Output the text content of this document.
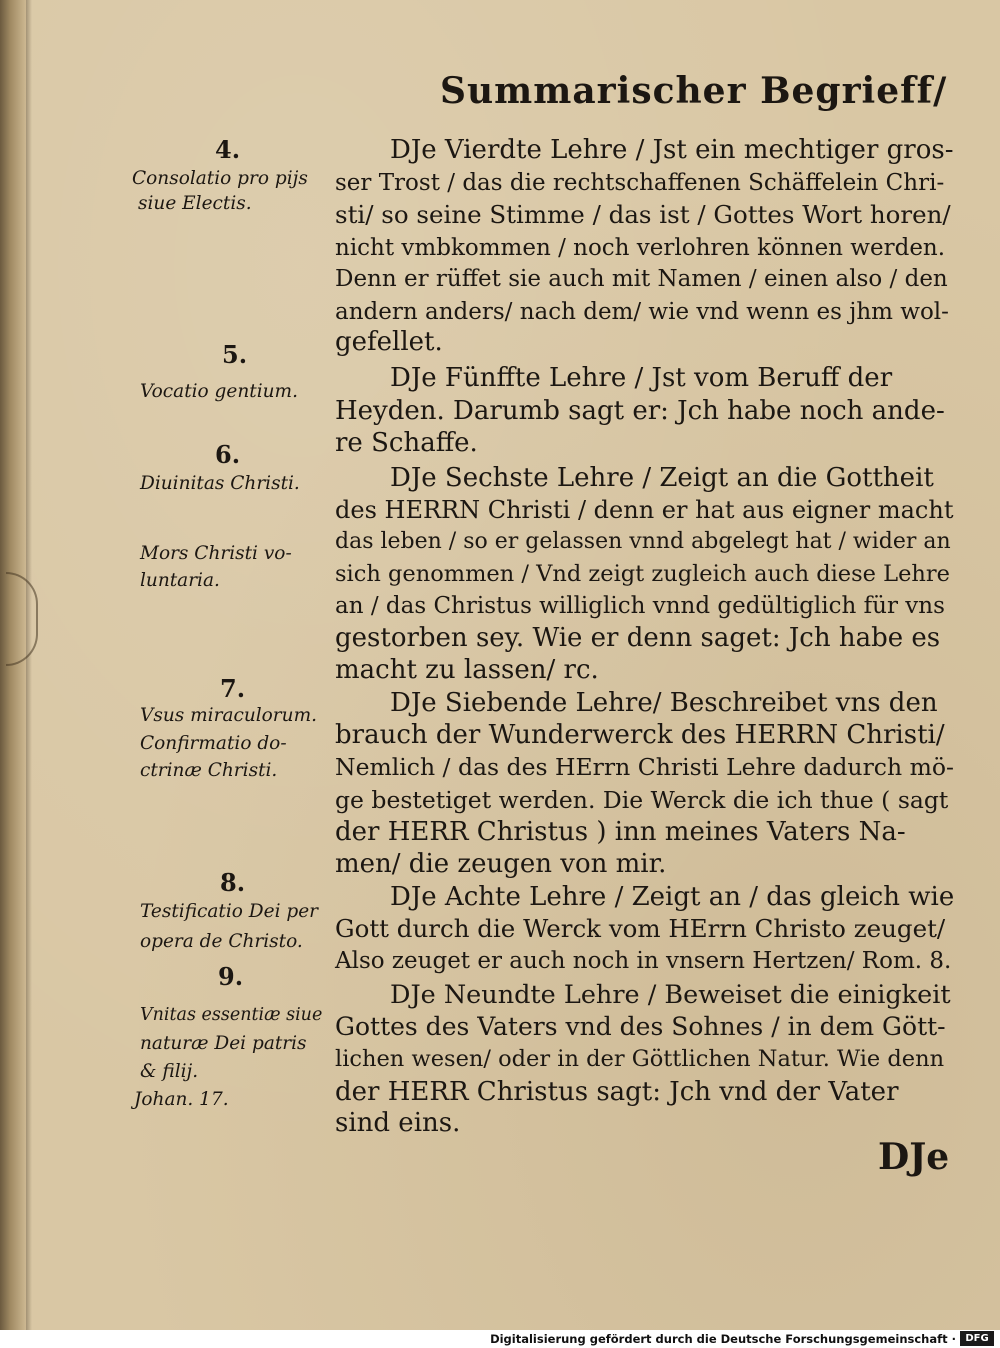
Summarischer Begrieff/
4.
Consolatio pro pijs
siue Electis.
5.
Vocatio gentium.
6.
Diuinitas Christi.
Mors Christi vo-
luntaria.
7.
Vsus miraculorum.
Confirmatio do-
ctrinæ Christi.
8.
Testificatio Dei per
opera de Christo.
9.
Vnitas essentiæ siue
naturæ Dei patris
& filij.
Johan. 17.
DJe Vierdte Lehre / Jst ein mechtiger gros-
ser Trost / das die rechtschaffenen Schäffelein Chri-
sti/ so seine Stimme / das ist / Gottes Wort horen/
nicht vmbkommen / noch verlohren können werden.
Denn er rüffet sie auch mit Namen / einen also / den
andern anders/ nach dem/ wie vnd wenn es jhm wol-
gefellet.
DJe Fünffte Lehre / Jst vom Beruff der
Heyden. Darumb sagt er: Jch habe noch ande-
re Schaffe.
DJe Sechste Lehre / Zeigt an die Gottheit
des HERRN Christi / denn er hat aus eigner macht
das leben / so er gelassen vnnd abgelegt hat / wider an
sich genommen / Vnd zeigt zugleich auch diese Lehre
an / das Christus williglich vnnd gedültiglich für vns
gestorben sey. Wie er denn saget: Jch habe es
macht zu lassen/ rc.
DJe Siebende Lehre/ Beschreibet vns den
brauch der Wunderwerck des HERRN Christi/
Nemlich / das des HErrn Christi Lehre dadurch mö-
ge bestetiget werden. Die Werck die ich thue ( sagt
der HERR Christus ) inn meines Vaters Na-
men/ die zeugen von mir.
DJe Achte Lehre / Zeigt an / das gleich wie
Gott durch die Werck vom HErrn Christo zeuget/
Also zeuget er auch noch in vnsern Hertzen/ Rom. 8.
DJe Neundte Lehre / Beweiset die einigkeit
Gottes des Vaters vnd des Sohnes / in dem Gött-
lichen wesen/ oder in der Göttlichen Natur. Wie denn
der HERR Christus sagt: Jch vnd der Vater
sind eins.
DJe
Digitalisierung gefördert durch die Deutsche Forschungsgemeinschaft · DFG
